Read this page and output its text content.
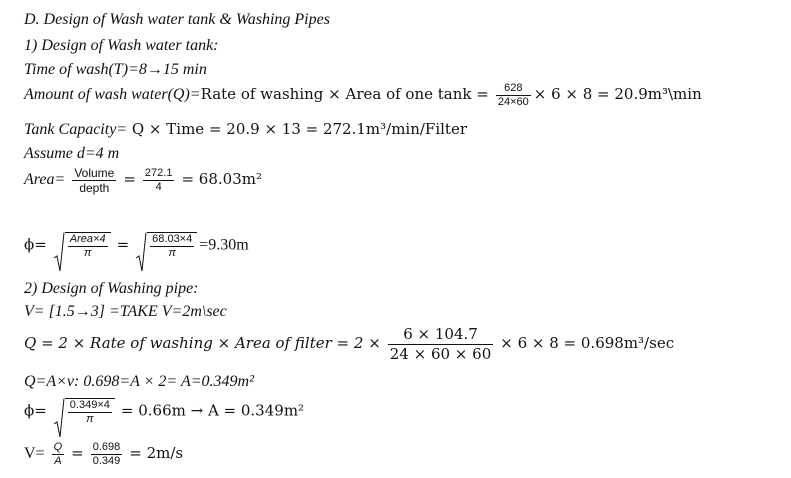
D. Design of Wash water tank & Washing Pipes
1) Design of Wash water tank:
Time of wash(T)=8→15 min
Amount of wash water(Q)=Rate of washing × Area of one $\tan k = \frac{628}{24\times 60} \times 6 \times 8$ = 20.9m³\min
Tank Capacity= Q × Time = 20.9 × 13 = 272.1m³/min/Filter
Assume d=4 m
Area= Volume
depth = $\frac{272.1}{4} = 68.03m^2$
ϕ= Area×4
π	= $\frac{68.03\times 4}{\pi} =9.30m$
2) Design of Washing pipe:
V= [1.5→3] =TAKE V=2m\sec
Q = 2 × Rate of washing × Area of filter = $2 \times \frac{6 \times 104.7}{24 \times 60 \times 60} \times 6 \times 8 = 0.698m^3/\sec$
Q=A×v: 0.698=A × 2= A=0.349m²
$\phi= \frac{0.349\times 4}{\pi} = 0.66m \to A = 0.349m^2$
$V= \frac{Q}{A} = \frac{0.698}{0.349} = 2m/s$
